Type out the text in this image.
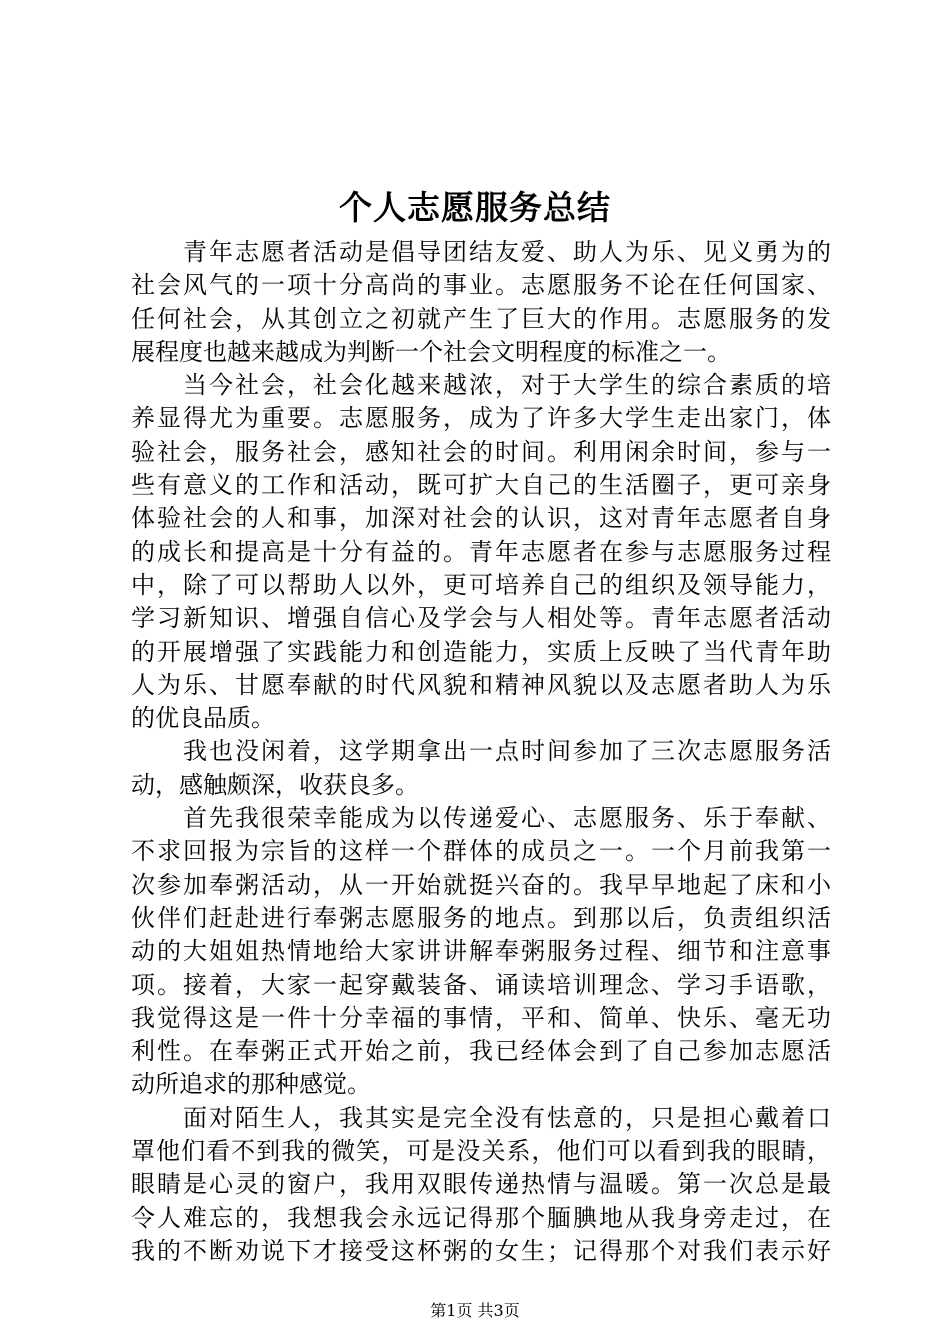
个人志愿服务总结

青 年 志 愿 者 活 动 是 倡 导 团 结 友 爱 、 助 人 为 乐 、 见 义 勇 为 的
社 会 风 气 的 一 项 十 分 高 尚 的 事 业 。 志 愿 服 务 不 论 在 任 何 国 家 、
任 何 社 会 ， 从 其 创 立 之 初 就 产 生 了 巨 大 的 作 用 。 志 愿 服 务 的 发
展 程 度 也 越 来 越 成 为 判 断 一 个 社 会 文 明 程 度 的 标 准 之 一 。

当 今 社 会 ， 社 会 化 越 来 越 浓 ， 对 于 大 学 生 的 综 合 素 质 的 培
养 显 得 尤 为 重 要 。 志 愿 服 务 ， 成 为 了 许 多 大 学 生 走 出 家 门 ， 体
验 社 会 ， 服 务 社 会 ， 感 知 社 会 的 时 间 。 利 用 闲 余 时 间 ， 参 与 一
些 有 意 义 的 工 作 和 活 动 ， 既 可 扩 大 自 己 的 生 活 圈 子 ， 更 可 亲 身
体 验 社 会 的 人 和 事 ， 加 深 对 社 会 的 认 识 ， 这 对 青 年 志 愿 者 自 身
的 成 长 和 提 高 是 十 分 有 益 的 。 青 年 志 愿 者 在 参 与 志 愿 服 务 过 程
中 ， 除 了 可 以 帮 助 人 以 外 ， 更 可 培 养 自 己 的 组 织 及 领 导 能 力 ，
学 习 新 知 识 、 增 强 自 信 心 及 学 会 与 人 相 处 等 。 青 年 志 愿 者 活 动
的 开 展 增 强 了 实 践 能 力 和 创 造 能 力 ， 实 质 上 反 映 了 当 代 青 年 助
人 为 乐 、 甘 愿 奉 献 的 时 代 风 貌 和 精 神 风 貌 以 及 志 愿 者 助 人 为 乐
的 优 良 品 质 。

我 也 没 闲 着 ， 这 学 期 拿 出 一 点 时 间 参 加 了 三 次 志 愿 服 务 活
动 ， 感 触 颇 深 ， 收 获 良 多 。

首 先 我 很 荣 幸 能 成 为 以 传 递 爱 心 、 志 愿 服 务 、 乐 于 奉 献 、
不 求 回 报 为 宗 旨 的 这 样 一 个 群 体 的 成 员 之 一 。 一 个 月 前 我 第 一
次 参 加 奉 粥 活 动 ， 从 一 开 始 就 挺 兴 奋 的 。 我 早 早 地 起 了 床 和 小
伙 伴 们 赶 赴 进 行 奉 粥 志 愿 服 务 的 地 点 。 到 那 以 后 ， 负 责 组 织 活
动 的 大 姐 姐 热 情 地 给 大 家 讲 讲 解 奉 粥 服 务 过 程 、 细 节 和 注 意 事
项 。 接 着 ， 大 家 一 起 穿 戴 装 备 、 诵 读 培 训 理 念 、 学 习 手 语 歌 ，
我 觉 得 这 是 一 件 十 分 幸 福 的 事 情 ， 平 和 、 简 单 、 快 乐 、 毫 无 功
利 性 。 在 奉 粥 正 式 开 始 之 前 ， 我 已 经 体 会 到 了 自 己 参 加 志 愿 活
动 所 追 求 的 那 种 感 觉 。

面 对 陌 生 人 ， 我 其 实 是 完 全 没 有 怯 意 的 ， 只 是 担 心 戴 着 口
罩 他 们 看 不 到 我 的 微 笑 ， 可 是 没 关 系 ， 他 们 可 以 看 到 我 的 眼 睛 ，
眼 睛 是 心 灵 的 窗 户 ， 我 用 双 眼 传 递 热 情 与 温 暖 。 第 一 次 总 是 最
令 人 难 忘 的 ， 我 想 我 会 永 远 记 得 那 个 腼 腆 地 从 我 身 旁 走 过 ， 在
我 的 不 断 劝 说 下 才 接 受 这 杯 粥 的 女 生 ； 记 得 那 个 对 我 们 表 示 好
第1页 共3页
